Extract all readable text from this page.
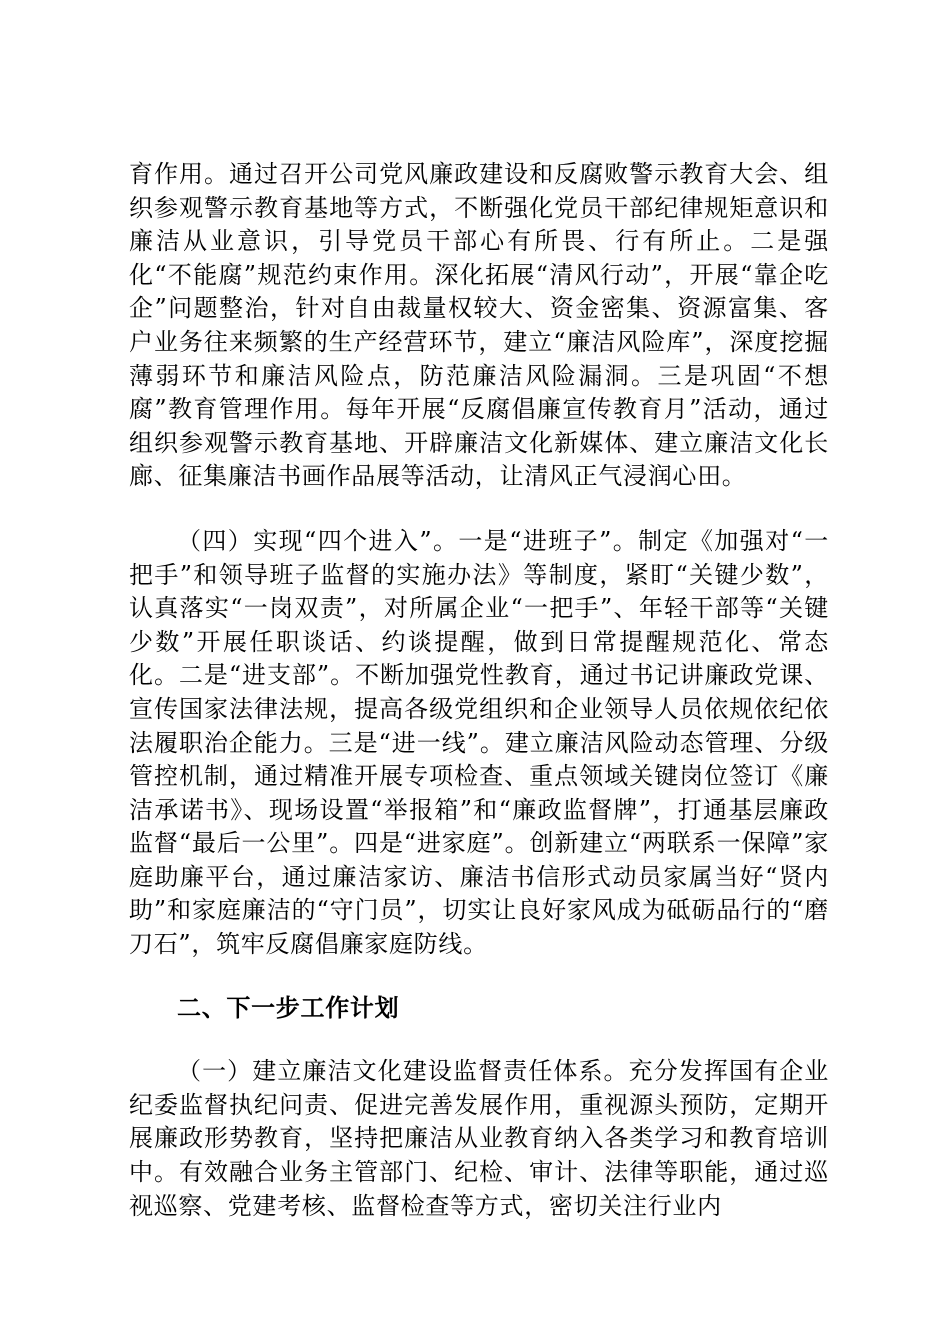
育作用。通过召开公司党风廉政建设和反腐败警示教育大会、组织参观警示教育基地等方式，不断强化党员干部纪律规矩意识和廉洁从业意识，引导党员干部心有所畏、行有所止。二是强化“不能腐”规范约束作用。深化拓展“清风行动”，开展“靠企吃企”问题整治，针对自由裁量权较大、资金密集、资源富集、客户业务往来频繁的生产经营环节，建立“廉洁风险库”，深度挖掘薄弱环节和廉洁风险点，防范廉洁风险漏洞。三是巩固“不想腐”教育管理作用。每年开展“反腐倡廉宣传教育月”活动，通过组织参观警示教育基地、开辟廉洁文化新媒体、建立廉洁文化长廊、征集廉洁书画作品展等活动，让清风正气浸润心田。

（四）实现“四个进入”。一是“进班子”。制定《加强对“一把手”和领导班子监督的实施办法》等制度，紧盯“关键少数”，认真落实“一岗双责”，对所属企业“一把手”、年轻干部等“关键少数”开展任职谈话、约谈提醒，做到日常提醒规范化、常态化。二是“进支部”。不断加强党性教育，通过书记讲廉政党课、宣传国家法律法规，提高各级党组织和企业领导人员依规依纪依法履职治企能力。三是“进一线”。建立廉洁风险动态管理、分级管控机制，通过精准开展专项检查、重点领域关键岗位签订《廉洁承诺书》、现场设置“举报箱”和“廉政监督牌”，打通基层廉政监督“最后一公里”。四是“进家庭”。创新建立“两联系一保障”家庭助廉平台，通过廉洁家访、廉洁书信形式动员家属当好“贤内助”和家庭廉洁的“守门员”，切实让良好家风成为砥砺品行的“磨刀石”，筑牢反腐倡廉家庭防线。

二、下一步工作计划

（一）建立廉洁文化建设监督责任体系。充分发挥国有企业纪委监督执纪问责、促进完善发展作用，重视源头预防，定期开展廉政形势教育，坚持把廉洁从业教育纳入各类学习和教育培训中。有效融合业务主管部门、纪检、审计、法律等职能，通过巡视巡察、党建考核、监督检查等方式，密切关注行业内
